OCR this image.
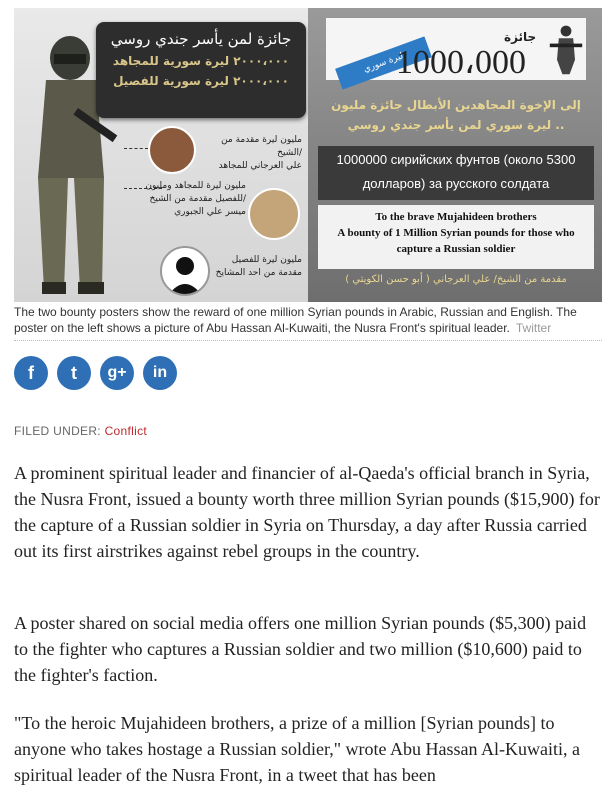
جائزة لمن يأسر جندي روسي
٢٠٠٠،٠٠٠ ليرة سورية للمجاهد
٢٠٠٠،٠٠٠ ليرة سورية للفصيل
مليون ليرة مقدمة من الشيخ/
علي العرجاني للمجاهد
مليون ليرة للمجاهد ومليون
للفصيل مقدمة من الشيخ/
ميسر علي الجبوري
مليون ليرة للفصيل
مقدمة من احد المشايخ
ليرة سوري
1000،000
جائزة
إلى الإخوة المجاهدين الأبطال جائزة مليون
ليرة سوري لمن يأسر جندي روسي ..
1000000 сирийских фунтов (около 5300
долларов) за русского солдата
To the brave Mujahideen brothers
A bounty of 1 Million Syrian pounds for those who
capture a Russian soldier
مقدمة من الشيخ/ علي العرجاني ( أبو حسن الكويتي )
The two bounty posters show the reward of one million Syrian pounds in Arabic, Russian and English. The poster on the left shows a picture of Abu Hassan Al-Kuwaiti, the Nusra Front's spiritual leader. Twitter
f	t	g+	in
FILED UNDER: Conflict

A prominent spiritual leader and financier of al-Qaeda's official branch in Syria, the Nusra Front, issued a bounty worth three million Syrian pounds ($15,900) for the capture of a Russian soldier in Syria on Thursday, a day after Russia carried out its first airstrikes against rebel groups in the country.

A poster shared on social media offers one million Syrian pounds ($5,300) paid to the fighter who captures a Russian soldier and two million ($10,600) paid to the fighter's faction.

"To the heroic Mujahideen brothers, a prize of a million [Syrian pounds] to anyone who takes hostage a Russian soldier," wrote Abu Hassan Al-Kuwaiti, a spiritual leader of the Nusra Front, in a tweet that has been
